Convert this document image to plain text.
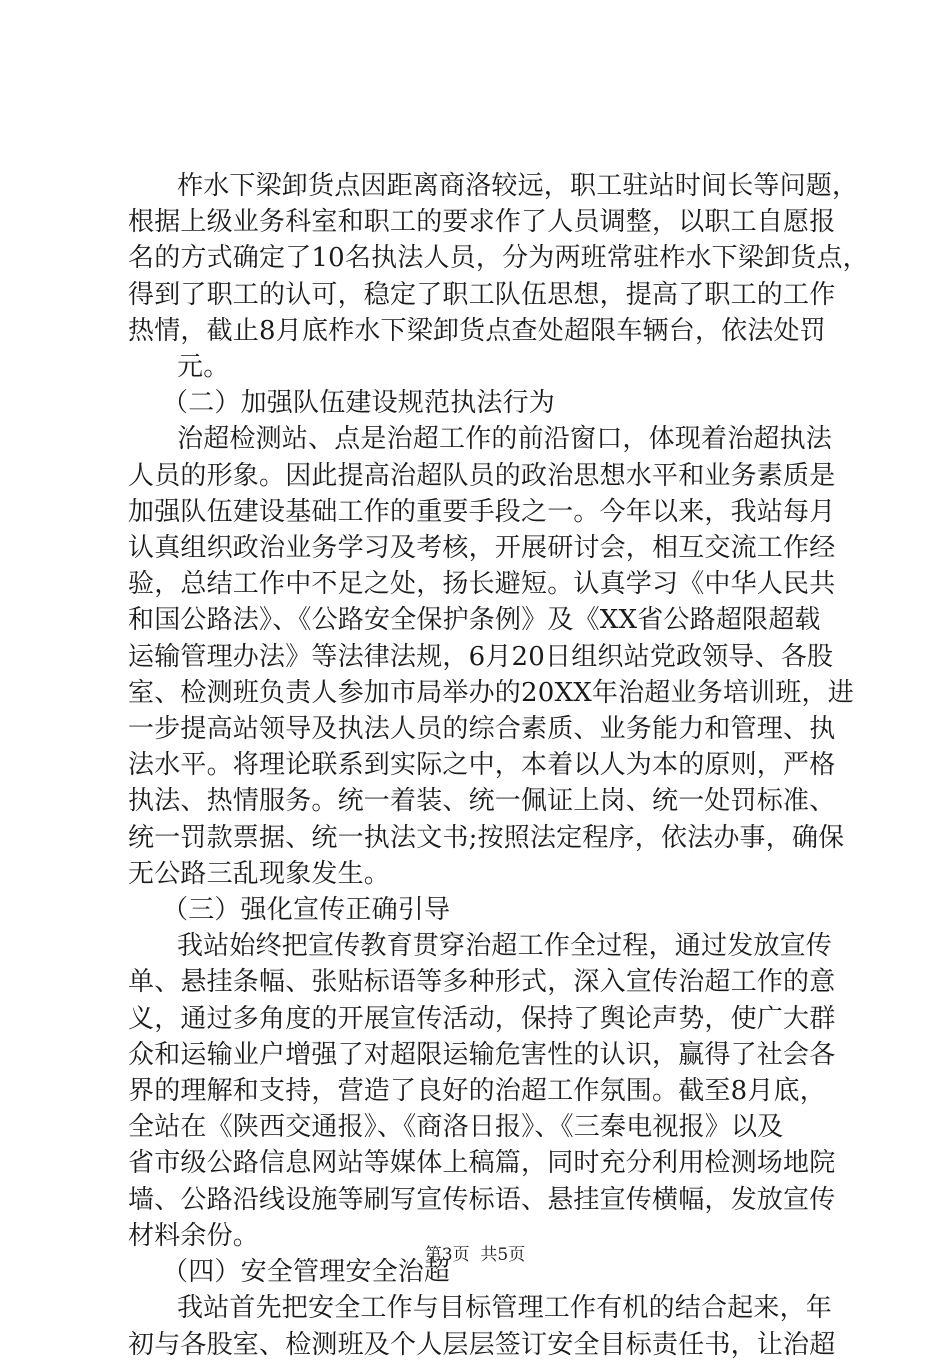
柞水下梁卸货点因距离商洛较远，职工驻站时间长等问题，
根据上级业务科室和职工的要求作了人员调整，以职工自愿报
名的方式确定了10名执法人员，分为两班常驻柞水下梁卸货点，
得到了职工的认可，稳定了职工队伍思想，提高了职工的工作
热情，截止8月底柞水下梁卸货点查处超限车辆台，依法处罚
元。
（二）加强队伍建设规范执法行为
治超检测站、点是治超工作的前沿窗口，体现着治超执法
人员的形象。因此提高治超队员的政治思想水平和业务素质是
加强队伍建设基础工作的重要手段之一。今年以来，我站每月
认真组织政治业务学习及考核，开展研讨会，相互交流工作经
验，总结工作中不足之处，扬长避短。认真学习《中华人民共
和国公路法》、《公路安全保护条例》及《XX省公路超限超载
运输管理办法》等法律法规，6月20日组织站党政领导、各股
室、检测班负责人参加市局举办的20XX年治超业务培训班，进
一步提高站领导及执法人员的综合素质、业务能力和管理、执
法水平。将理论联系到实际之中，本着以人为本的原则，严格
执法、热情服务。统一着装、统一佩证上岗、统一处罚标准、
统一罚款票据、统一执法文书;按照法定程序，依法办事，确保
无公路三乱现象发生。
（三）强化宣传正确引导
我站始终把宣传教育贯穿治超工作全过程，通过发放宣传
单、悬挂条幅、张贴标语等多种形式，深入宣传治超工作的意
义，通过多角度的开展宣传活动，保持了舆论声势，使广大群
众和运输业户增强了对超限运输危害性的认识，赢得了社会各
界的理解和支持，营造了良好的治超工作氛围。截至8月底，
全站在《陕西交通报》、《商洛日报》、《三秦电视报》以及
省市级公路信息网站等媒体上稿篇，同时充分利用检测场地院
墙、公路沿线设施等刷写宣传标语、悬挂宣传横幅，发放宣传
材料余份。
（四）安全管理安全治超
我站首先把安全工作与目标管理工作有机的结合起来，年
初与各股室、检测班及个人层层签订安全目标责任书，让治超
第3页  共5页
